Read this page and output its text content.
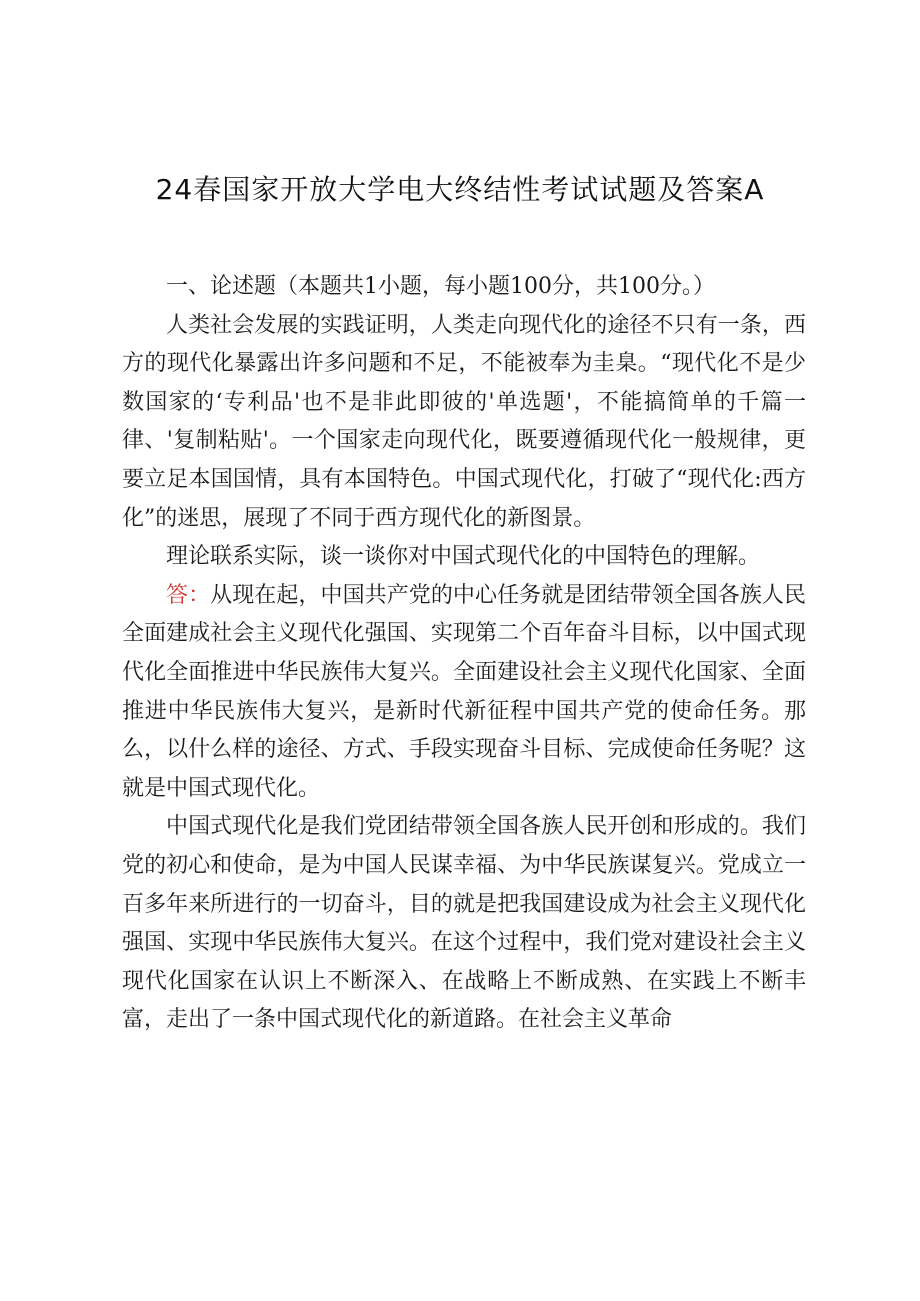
24春国家开放大学电大终结性考试试题及答案A

一、论述题（本题共1小题，每小题100分，共100分。）

人类社会发展的实践证明，人类走向现代化的途径不只有一条，西方的现代化暴露出许多问题和不足，不能被奉为圭臬。“现代化不是少数国家的‘专利品'也不是非此即彼的'单选题'，不能搞简单的千篇一律、'复制粘贴'。一个国家走向现代化，既要遵循现代化一般规律，更要立足本国国情，具有本国特色。中国式现代化，打破了“现代化:西方化”的迷思，展现了不同于西方现代化的新图景。

理论联系实际，谈一谈你对中国式现代化的中国特色的理解。

答：从现在起，中国共产党的中心任务就是团结带领全国各族人民全面建成社会主义现代化强国、实现第二个百年奋斗目标，以中国式现代化全面推进中华民族伟大复兴。全面建设社会主义现代化国家、全面推进中华民族伟大复兴，是新时代新征程中国共产党的使命任务。那么，以什么样的途径、方式、手段实现奋斗目标、完成使命任务呢？这就是中国式现代化。

中国式现代化是我们党团结带领全国各族人民开创和形成的。我们党的初心和使命，是为中国人民谋幸福、为中华民族谋复兴。党成立一百多年来所进行的一切奋斗，目的就是把我国建设成为社会主义现代化强国、实现中华民族伟大复兴。在这个过程中，我们党对建设社会主义现代化国家在认识上不断深入、在战略上不断成熟、在实践上不断丰富，走出了一条中国式现代化的新道路。在社会主义革命
